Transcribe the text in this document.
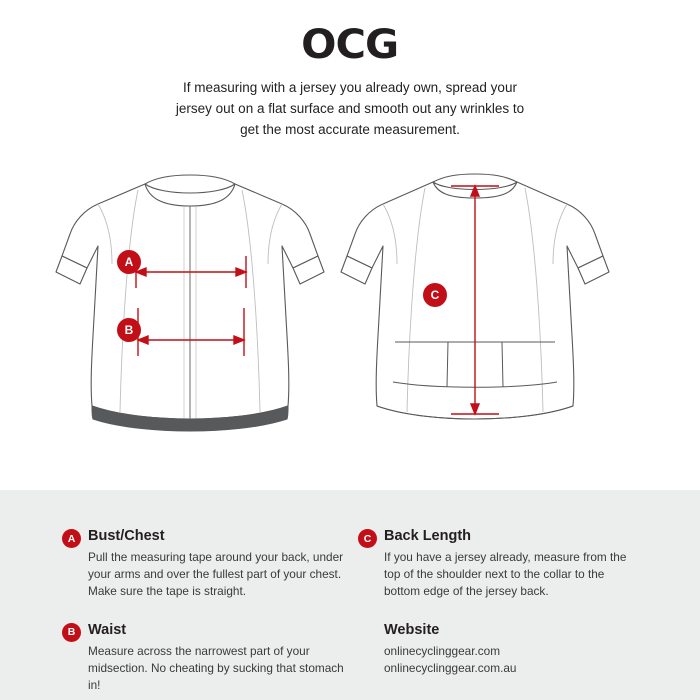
OCG
If measuring with a jersey you already own, spread your jersey out on a flat surface and smooth out any wrinkles to get the most accurate measurement.
A
B
C
A Bust/Chest

Pull the measuring tape around your back, under your arms and over the fullest part of your chest. Make sure the tape is straight.

B Waist

Measure across the narrowest part of your midsection. No cheating by sucking that stomach in!

C Back Length

If you have a jersey already, measure from the top of the shoulder next to the collar to the bottom edge of the jersey back.

Website
onlinecyclinggear.com
onlinecyclinggear.com.au
